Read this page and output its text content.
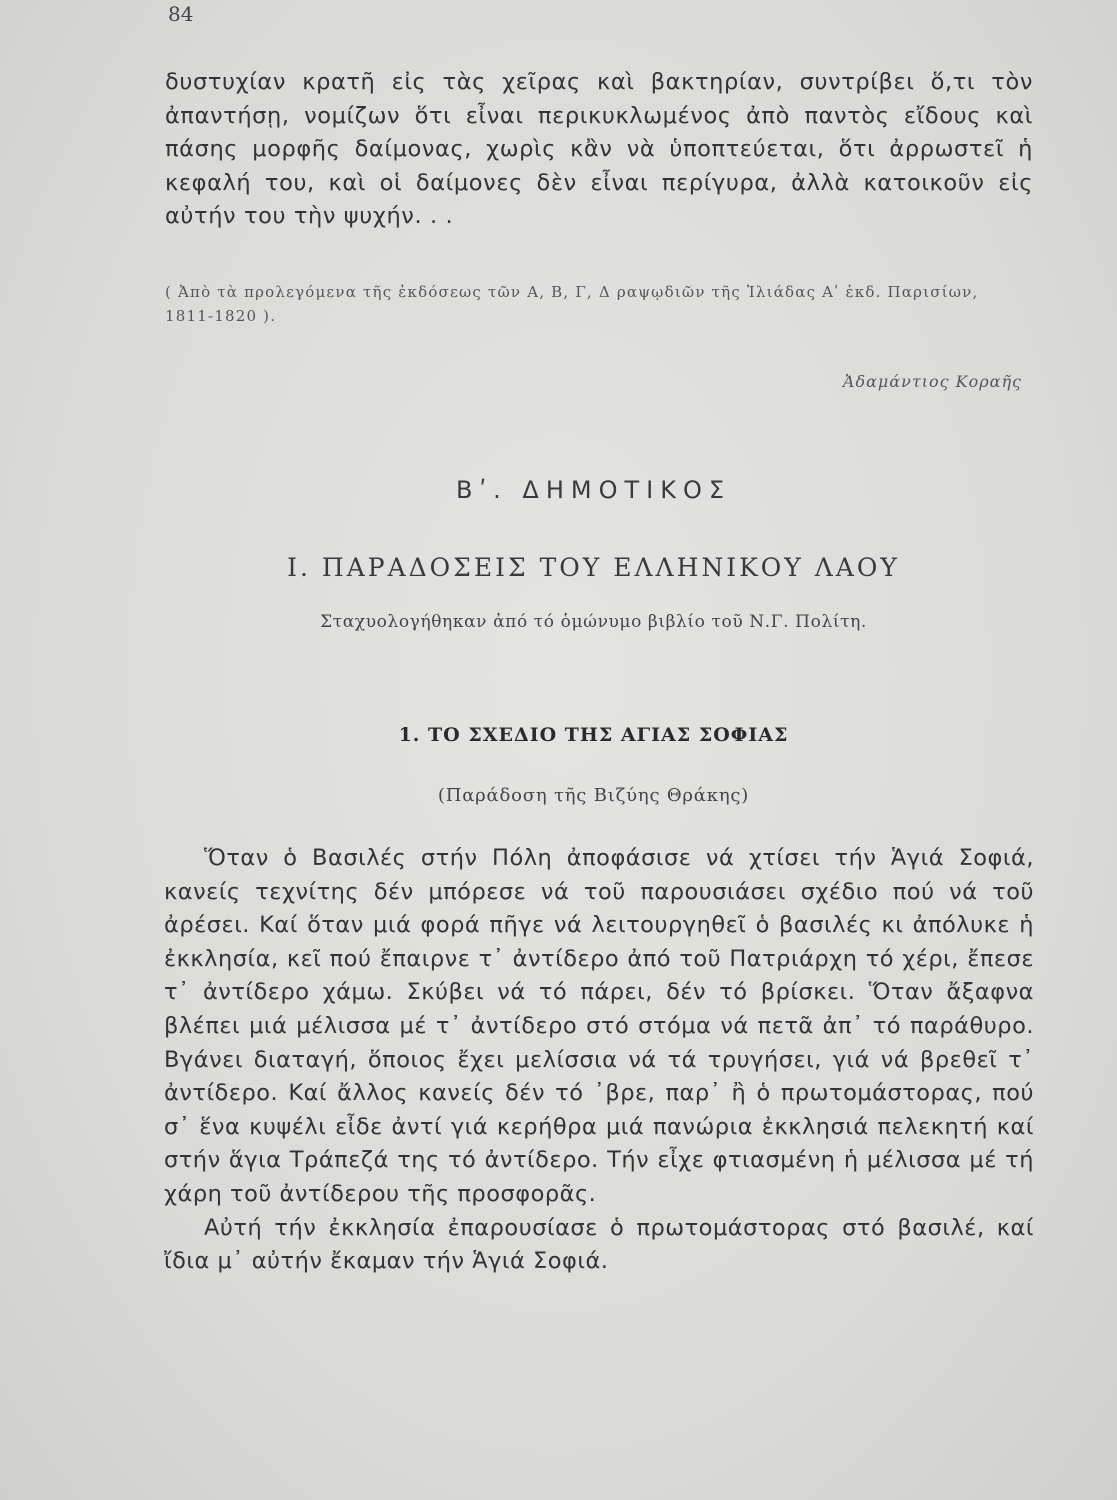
84

δυστυχίαν κρατῆ εἰς τὰς χεῖρας καὶ βακτηρίαν, συντρίβει ὅ,τι τὸν ἀπαντήσῃ, νομίζων ὅτι εἶναι περικυκλωμένος ἀπὸ παντὸς εἴδους καὶ πάσης μορφῆς δαίμονας, χωρὶς κἂν νὰ ὑποπτεύεται, ὅτι ἀρρωστεῖ ἡ κεφαλή του, καὶ οἱ δαίμονες δὲν εἶναι περίγυρα, ἀλλὰ κατοικοῦν εἰς αὐτήν του τὴν ψυχήν. . .

( Ἀπὸ τὰ προλεγόμενα τῆς ἐκδόσεως τῶν Α, Β, Γ, Δ ραψῳδιῶν τῆς Ἰλιάδας Αʹ ἐκδ. Παρισίων, 1811-1820 ).
Ἀδαμάντιος Κοραῆς
Βʹ. ΔΗΜΟΤΙΚΟΣ
Ι. ΠΑΡΑΔΟΣΕΙΣ ΤΟΥ ΕΛΛΗΝΙΚΟΥ ΛΑΟΥ
Σταχυολογήθηκαν ἀπό τό ὁμώνυμο βιβλίο τοῦ Ν.Γ. Πολίτη.
1. ΤΟ ΣΧΕΔΙΟ ΤΗΣ ΑΓΙΑΣ ΣΟΦΙΑΣ
(Παράδοση τῆς Βιζύης Θράκης)

Ὅταν ὁ Βασιλές στήν Πόλη ἀποφάσισε νά χτίσει τήν Ἁγιά Σοφιά, κανείς τεχνίτης δέν μπόρεσε νά τοῦ παρουσιάσει σχέδιο πού νά τοῦ ἀρέσει. Καί ὅταν μιά φορά πῆγε νά λειτουργηθεῖ ὁ βασιλές κι ἀπόλυκε ἡ ἐκκλησία, κεῖ πού ἔπαιρνε τ᾽ ἀντίδερο ἀπό τοῦ Πατριάρχη τό χέρι, ἔπεσε τ᾽ ἀντίδερο χάμω. Σκύβει νά τό πάρει, δέν τό βρίσκει. Ὅταν ἄξαφνα βλέπει μιά μέλισσα μέ τ᾽ ἀντίδερο στό στόμα νά πετᾶ ἀπ᾽ τό παράθυρο. Βγάνει διαταγή, ὅποιος ἔχει μελίσσια νά τά τρυγήσει, γιά νά βρεθεῖ τ᾽ ἀντίδερο. Καί ἄλλος κανείς δέν τό ᾽βρε, παρ᾽ ἢ ὁ πρωτομάστορας, πού σ᾽ ἕνα κυψέλι εἶδε ἀντί γιά κερήθρα μιά πανώρια ἐκκλησιά πελεκητή καί στήν ἅγια Τράπεζά της τό ἀντίδερο. Τήν εἶχε φτιασμένη ἡ μέλισσα μέ τή χάρη τοῦ ἀντίδερου τῆς προσφορᾶς.

Αὐτή τήν ἐκκλησία ἐπαρουσίασε ὁ πρωτομάστορας στό βασιλέ, καί ἴδια μ᾽ αὐτήν ἔκαμαν τήν Ἁγιά Σοφιά.
